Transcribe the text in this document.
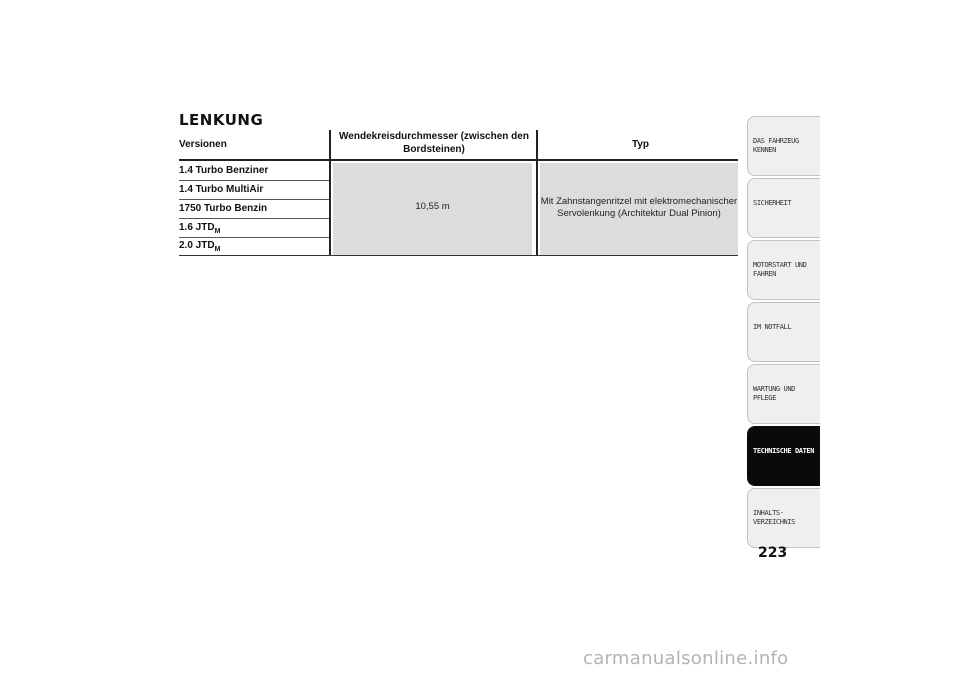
LENKUNG
Versionen
Wendekreisdurchmesser (zwischen den Bordsteinen)	Typ
1.4 Turbo Benziner
1.4 Turbo MultiAir
1750 Turbo Benzin
1.6 $JTD_M$
2.0 $JTD_M$
10,55 m	Mit Zahnstangenritzel mit elektromechanischer Servolenkung (Architektur Dual Pinion)
DAS FAHRZEUG KENNEN
SICHERHEIT
MOTORSTART UND FAHREN
IM NOTFALL
WARTUNG UND PFLEGE
TECHNISCHE DATEN
INHALTS- VERZEICHNIS
223
carmanualsonline.info
